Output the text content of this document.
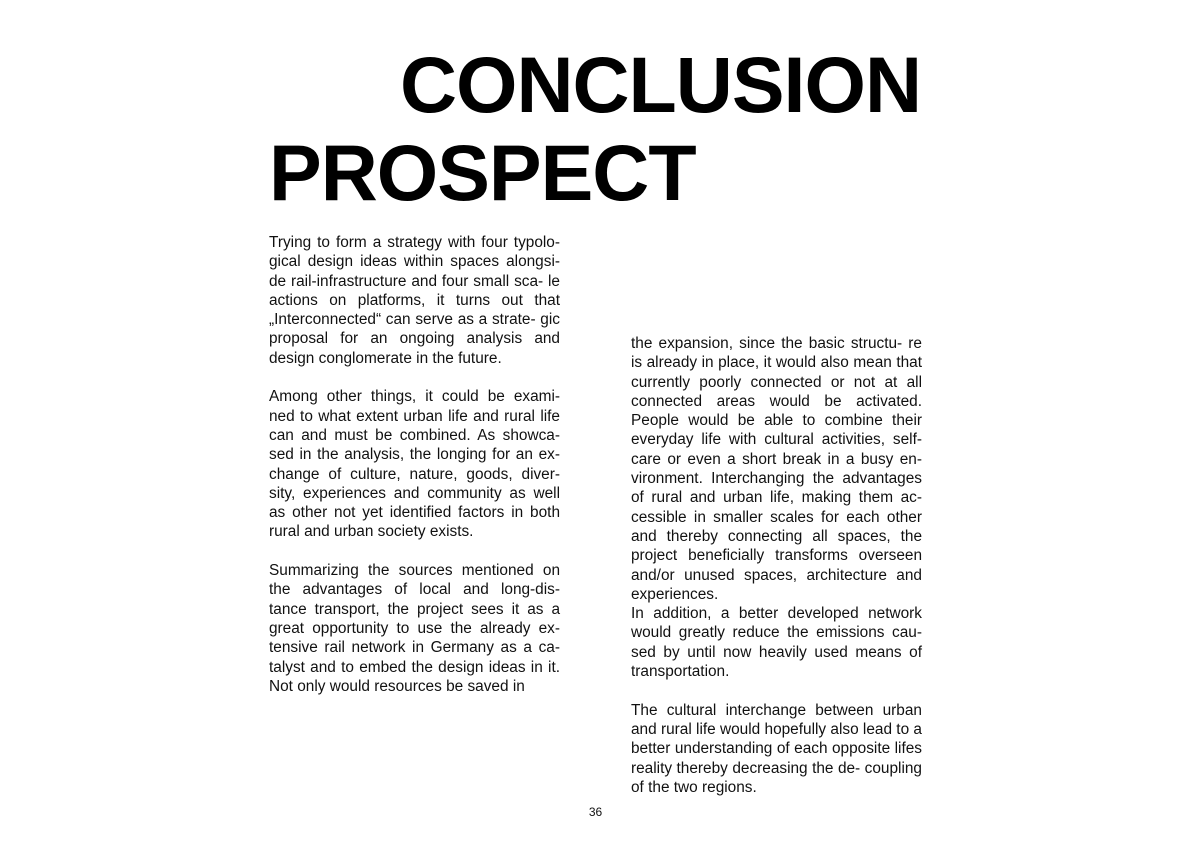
CONCLUSION
PROSPECT

Trying to form a strategy with four typolo- gical design ideas within spaces alongsi- de rail-infrastructure and four small sca- le actions on platforms, it turns out that „Interconnected“ can serve as a strate- gic proposal for an ongoing analysis and design conglomerate in the future.

Among other things, it could be exami- ned to what extent urban life and rural life can and must be combined. As showca- sed in the analysis, the longing for an ex- change of culture, nature, goods, diver- sity, experiences and community as well as other not yet identified factors in both rural and urban society exists.

Summarizing the sources mentioned on the advantages of local and long-dis- tance transport, the project sees it as a great opportunity to use the already ex- tensive rail network in Germany as a ca- talyst and to embed the design ideas in it. Not only would resources be saved in

the expansion, since the basic structu- re is already in place, it would also mean that currently poorly connected or not at all connected areas would be activated. People would be able to combine their everyday life with cultural activities, self- care or even a short break in a busy en- vironment. Interchanging the advantages of rural and urban life, making them ac- cessible in smaller scales for each other and thereby connecting all spaces, the project beneficially transforms overseen and/or unused spaces, architecture and experiences.

In addition, a better developed network would greatly reduce the emissions cau- sed by until now heavily used means of transportation.

The cultural interchange between urban and rural life would hopefully also lead to a better understanding of each opposite lifes reality thereby decreasing the de- coupling of the two regions.

36
